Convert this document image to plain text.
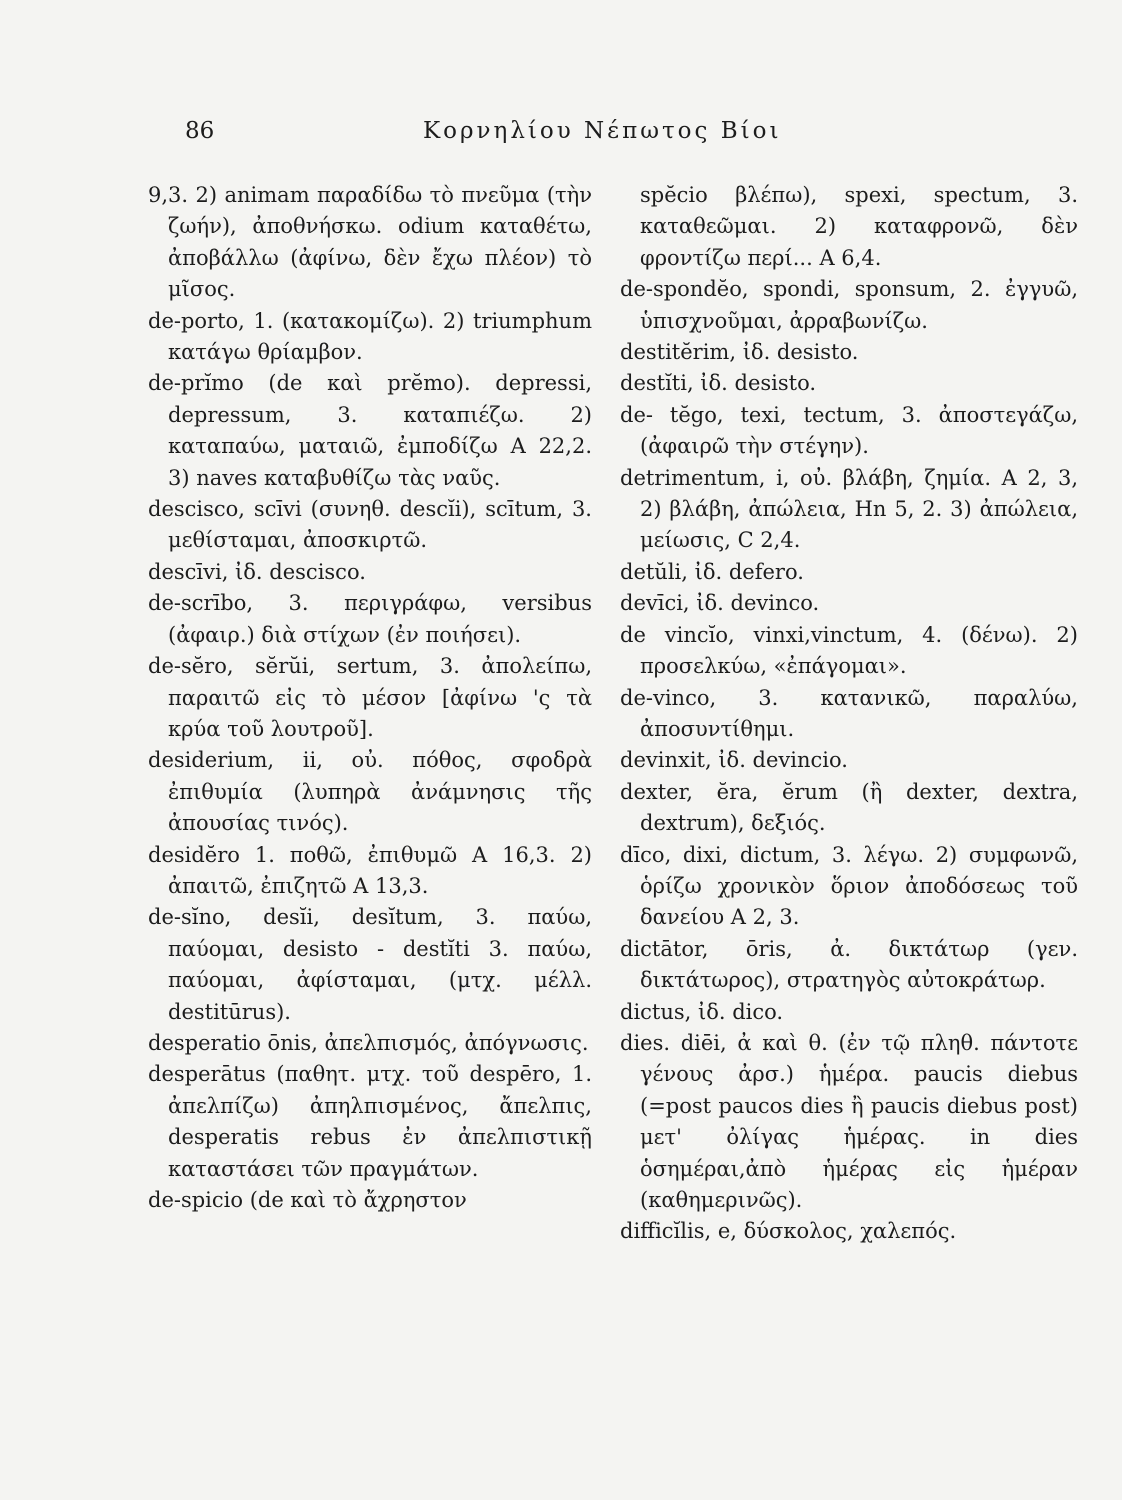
86	Κορνηλίου Νέπωτος Βίοι

9,3. 2) animam παραδίδω τὸ πνεῦμα (τὴν ζωήν), ἀποθνήσκω. odium καταθέτω, ἀποβάλλω (ἀφίνω, δὲν ἔχω πλέον) τὸ μῖσος.

de-porto, 1. (κατακομίζω). 2) triumphum κατάγω θρίαμβον.

de-prĭmo (de καὶ prĕmo). depressi, depressum, 3. καταπιέζω. 2) καταπαύω, ματαιῶ, ἐμποδίζω Α 22,2. 3) naves καταβυθίζω τὰς ναῦς.

descisco, scīvi (συνηθ. descĭi), scītum, 3. μεθίσταμαι, ἀποσκιρτῶ.

descīvi, ἰδ. descisco.

de-scrībo, 3. περιγράφω, versibus (ἀφαιρ.) διὰ στίχων (ἐν ποιήσει).

de-sĕro, sĕrŭi, sertum, 3. ἀπολείπω, παραιτῶ εἰς τὸ μέσον [ἀφίνω 'ς τὰ κρύα τοῦ λουτροῦ].

desiderium, ii, οὐ. πόθος, σφοδρὰ ἐπιθυμία (λυπηρὰ ἀνάμνησις τῆς ἀπουσίας τινός).

desidĕro 1. ποθῶ, ἐπιθυμῶ Α 16,3. 2) ἀπαιτῶ, ἐπιζητῶ Α 13,3.

de-sĭno, desĭi, desĭtum, 3. παύω, παύομαι, desisto - destĭti 3. παύω, παύομαι, ἀφίσταμαι, (μτχ. μέλλ. destitūrus).

desperatio ōnis, ἀπελπισμός, ἀπόγνωσις.

desperātus (παθητ. μτχ. τοῦ despēro, 1. ἀπελπίζω) ἀπηλπισμένος, ἄπελπις, desperatis rebus ἐν ἀπελπιστικῇ καταστάσει τῶν πραγμάτων.

de-spicio (de καὶ τὸ ἄχρηστον

spĕcio βλέπω), spexi, spectum, 3. καταθεῶμαι. 2) καταφρονῶ, δὲν φροντίζω περί... Α 6,4.

de-spondĕo, spondi, sponsum, 2. ἐγγυῶ, ὑπισχνοῦμαι, ἀρραβωνίζω.

destitĕrim, ἰδ. desisto.

destĭti, ἰδ. desisto.

de- tĕgo, texi, tectum, 3. ἀποστεγάζω, (ἀφαιρῶ τὴν στέγην).

detrimentum, i, οὐ. βλάβη, ζημία. Α 2, 3, 2) βλάβη, ἀπώλεια, Hn 5, 2. 3) ἀπώλεια, μείωσις, C 2,4.

detŭli, ἰδ. defero.

devīci, ἰδ. devinco.

de vincĭo, vinxi,vinctum, 4. (δένω). 2) προσελκύω, «ἐπάγομαι».

de-vinco, 3. κατανικῶ, παραλύω, ἀποσυντίθημι.

devinxit, ἰδ. devincio.

dexter, ĕra, ĕrum (ἢ dexter, dextra, dextrum), δεξιός.

dīco, dixi, dictum, 3. λέγω. 2) συμφωνῶ, ὁρίζω χρονικὸν ὅριον ἀποδόσεως τοῦ δανείου Α 2, 3.

dictātor, ōris, ἀ. δικτάτωρ (γεν. δικτάτωρος), στρατηγὸς αὐτοκράτωρ.

dictus, ἰδ. dico.

dies. diēi, ἀ καὶ θ. (ἐν τῷ πληθ. πάντοτε γένους ἀρσ.) ἡμέρα. paucis diebus (=post paucos dies ἢ paucis diebus post) μετ' ὀλίγας ἡμέρας. in dies ὁσημέραι,ἀπὸ ἡμέρας εἰς ἡμέραν (καθημερινῶς).

difficĭlis, e, δύσκολος, χαλεπός.
